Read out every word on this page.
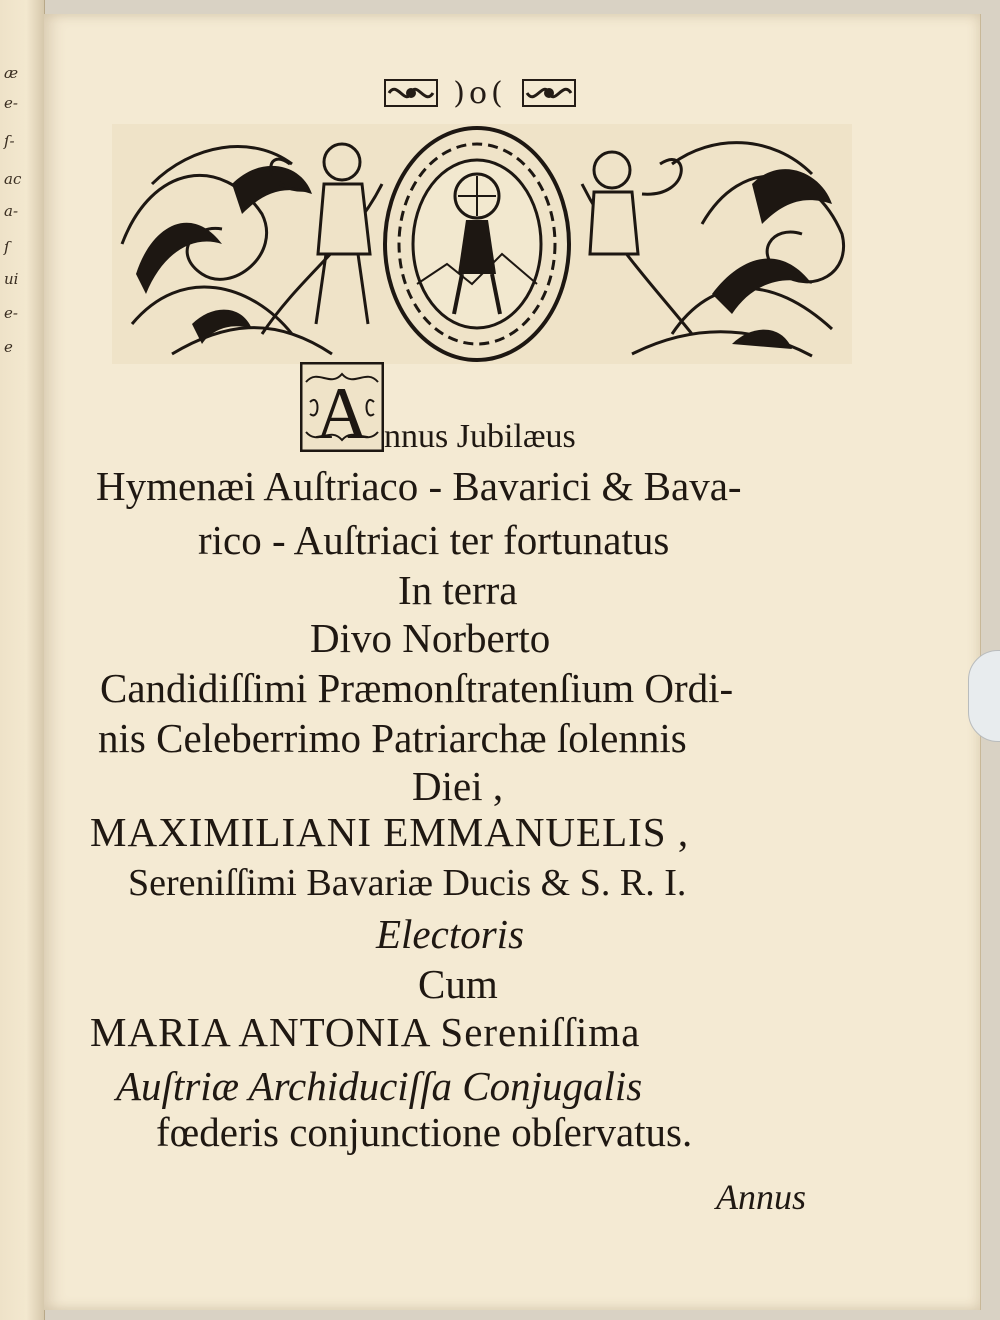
æ
e-
ſ-
ac
a-
ſ
ui
e-
e

)o(
A nnus Jubilæus
Hymenæi Auſtriaco - Bavarici & Bava-
rico - Auſtriaci ter fortunatus
In terra
Divo Norberto
Candidiſſimi Præmonſtratenſium Ordi-
nis Celeberrimo Patriarchæ ſolennis
Diei ,
MAXIMILIANI EMMANUELIS ,
Sereniſſimi Bavariæ Ducis & S. R. I.
Electoris
Cum
MARIA ANTONIA Sereniſſima
Auſtriæ Archiduciſſa Conjugalis
fœderis conjunctione obſervatus.
Annus
